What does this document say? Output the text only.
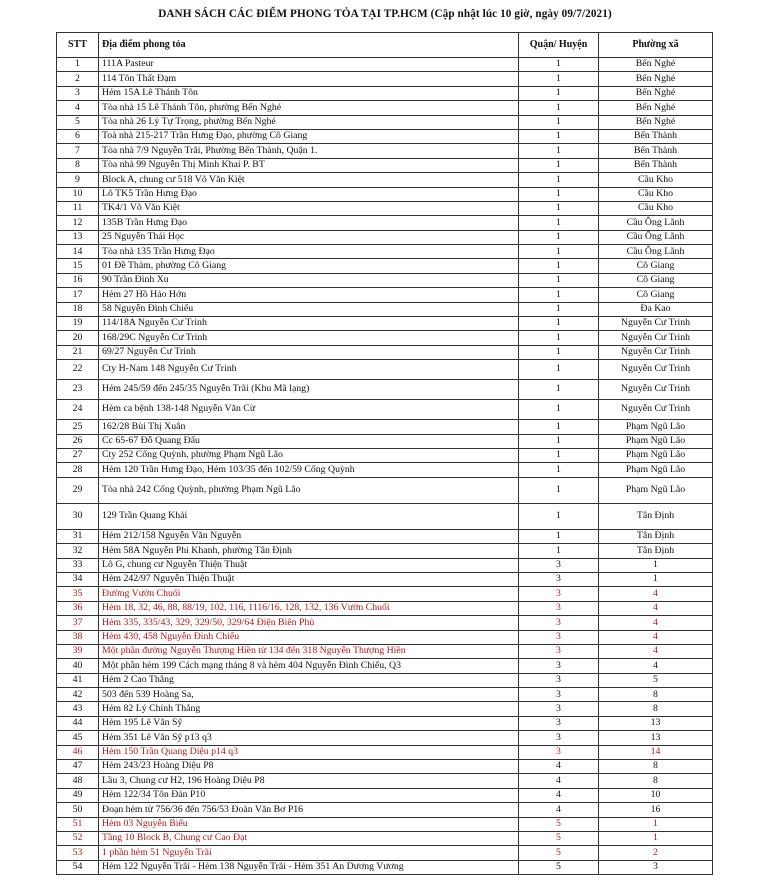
DANH SÁCH CÁC ĐIỂM PHONG TỎA TẠI TP.HCM (Cập nhật lúc 10 giờ, ngày 09/7/2021)
STT	Địa điểm phong tỏa	Quận/ Huyện	Phường xã
1	111A Pasteur	1	Bến Nghé
2	114 Tôn Thất Đạm	1	Bến Nghé
3	Hẻm 15A Lê Thánh Tôn	1	Bến Nghé
4	Tòa nhà 15 Lê Thánh Tôn, phường Bến Nghé	1	Bến Nghé
5	Tòa nhà 26 Lý Tự Trọng, phường Bến Nghé	1	Bến Nghé
6	Toà nhà 215-217 Trần Hưng Đạo, phường Cô Giang	1	Bến Thành
7	Tòa nhà 7/9 Nguyễn Trãi, Phường Bến Thành, Quận 1.	1	Bến Thành
8	Tòa nhà 99 Nguyễn Thị Minh Khai P. BT	1	Bến Thành
9	Block A, chung cư 518 Võ Văn Kiệt	1	Cầu Kho
10	Lô TK5 Trần Hưng Đạo	1	Cầu Kho
11	TK4/1 Võ Văn Kiệt	1	Cầu Kho
12	135B Trần Hưng Đạo	1	Cầu Ông Lãnh
13	25 Nguyễn Thái Học	1	Cầu Ông Lãnh
14	Tòa nhà 135 Trần Hưng Đạo	1	Cầu Ông Lãnh
15	01 Đề Thám, phường Cô Giang	1	Cô Giang
16	90 Trần Đình Xu	1	Cô Giang
17	Hẻm 27 Hồ Hảo Hớn	1	Cô Giang
18	58 Nguyễn Đình Chiểu	1	Đa Kao
19	114/18A Nguyễn Cư Trinh	1	Nguyễn Cư Trinh
20	168/29C Nguyễn Cư Trinh	1	Nguyễn Cư Trinh
21	69/27 Nguyễn Cư Trinh	1	Nguyễn Cư Trinh
22	Cty H-Nam 148 Nguyễn Cư Trinh	1	Nguyễn Cư Trinh
23	Hẻm 245/59 đến 245/35 Nguyễn Trãi (Khu Mã lạng)	1	Nguyễn Cư Trinh
24	Hẻm ca bệnh 138-148 Nguyễn Văn Cừ	1	Nguyễn Cư Trinh
25	162/28 Bùi Thị Xuân	1	Phạm Ngũ Lão
26	Cc 65-67 Đỗ Quang Đẩu	1	Phạm Ngũ Lão
27	Cty 252 Cống Quỳnh, phường Phạm Ngũ Lão	1	Phạm Ngũ Lão
28	Hẻm 120 Trần Hưng Đạo, Hẻm 103/35 đến 102/59 Cống Quỳnh	1	Phạm Ngũ Lão
29	Tòa nhà 242 Cống Quỳnh, phường Phạm Ngũ Lão	1	Phạm Ngũ Lão
30	129 Trần Quang Khải	1	Tân Định
31	Hẻm 212/158 Nguyễn Văn Nguyễn	1	Tân Định
32	Hẻm 58A Nguyễn Phi Khanh, phường Tân Định	1	Tân Định
33	Lô G, chung cư Nguyễn Thiện Thuật	3	1
34	Hẻm 242/97 Nguyễn Thiện Thuật	3	1
35	Đường Vườn Chuối	3	4
36	Hẻm 18, 32, 46, 88, 88/19, 102, 116, 1116/16, 128, 132, 136 Vườn Chuối	3	4
37	Hẻm 335, 335/43, 329, 329/50, 329/64 Điện Biên Phủ	3	4
38	Hẻm 430, 458 Nguyễn Đình Chiểu	3	4
39	Một phần đường Nguyễn Thượng Hiền từ 134 đến 318 Nguyễn Thượng Hiền	3	4
40	Một phần hẻm 199 Cách mạng tháng 8 và hẻm 404 Nguyễn Đình Chiểu, Q3	3	4
41	Hẻm 2 Cao Thắng	3	5
42	503 đến 539 Hoàng Sa,	3	8
43	Hẻm 82 Lý Chính Thắng	3	8
44	Hẻm 195 Lê Văn Sỹ	3	13
45	Hẻm 351 Lê Văn Sỹ p13 q3	3	13
46	Hẻm 150 Trần Quang Diệu p14 q3	3	14
47	Hẻm 243/23 Hoàng Diệu P8	4	8
48	Lầu 3, Chung cư H2, 196 Hoàng Diệu P8	4	8
49	Hẻm 122/34 Tôn Đản P10	4	10
50	Đoạn hẻm từ 756/36 đến 756/53 Đoàn Văn Bơ P16	4	16
51	Hẻm 03 Nguyễn Biểu	5	1
52	Tầng 10 Block B, Chung cư Cao Đạt	5	1
53	1 phần hẻm 51 Nguyễn Trãi	5	2
54	Hẻm 122 Nguyễn Trãi - Hẻm 138 Nguyễn Trãi - Hẻm 351 An Dương Vương	5	3
